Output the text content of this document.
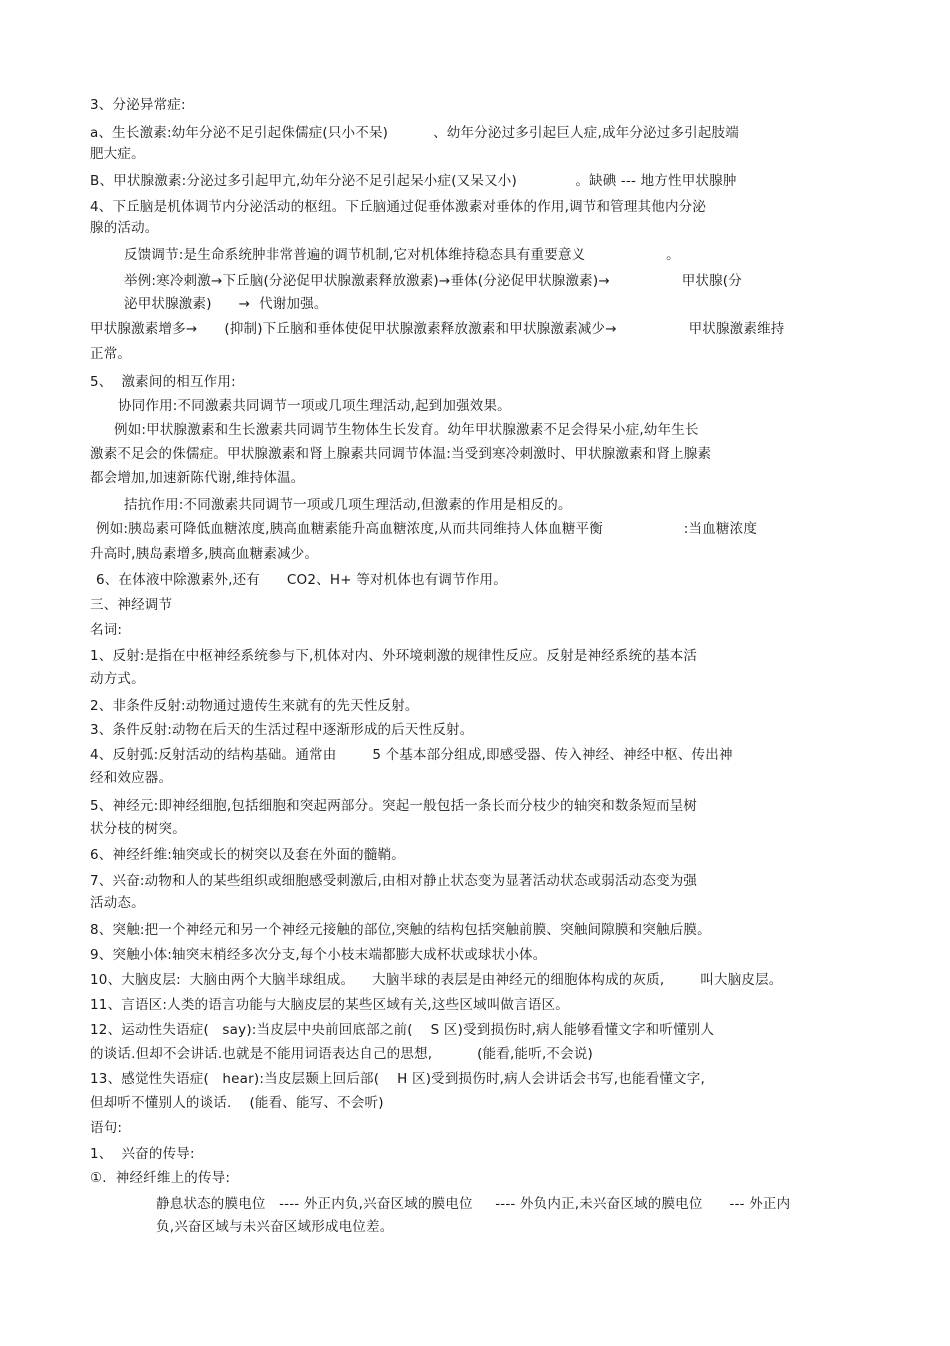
3、分泌异常症:
a、生长激素:幼年分泌不足引起侏儒症(只小不呆)          、幼年分泌过多引起巨人症,成年分泌过多引起肢端
肥大症。
B、甲状腺激素:分泌过多引起甲亢,幼年分泌不足引起呆小症(又呆又小)             。缺碘 --- 地方性甲状腺肿
4、下丘脑是机体调节内分泌活动的枢纽。下丘脑通过促垂体激素对垂体的作用,调节和管理其他内分泌
腺的活动。
反馈调节:是生命系统肿非常普遍的调节机制,它对机体维持稳态具有重要意义                  。
举例:寒冷刺激→下丘脑(分泌促甲状腺激素释放激素)→垂体(分泌促甲状腺激素)→                甲状腺(分
泌甲状腺激素)      →  代谢加强。
甲状腺激素增多→      (抑制)下丘脑和垂体使促甲状腺激素释放激素和甲状腺激素减少→                甲状腺激素维持
正常。
5、  激素间的相互作用:
协同作用:不同激素共同调节一项或几项生理活动,起到加强效果。
例如:甲状腺激素和生长激素共同调节生物体生长发育。幼年甲状腺激素不足会得呆小症,幼年生长
激素不足会的侏儒症。甲状腺激素和肾上腺素共同调节体温:当受到寒冷刺激时、甲状腺激素和肾上腺素
都会增加,加速新陈代谢,维持体温。
拮抗作用:不同激素共同调节一项或几项生理活动,但激素的作用是相反的。
例如:胰岛素可降低血糖浓度,胰高血糖素能升高血糖浓度,从而共同维持人体血糖平衡                  :当血糖浓度
升高时,胰岛素增多,胰高血糖素减少。
6、在体液中除激素外,还有      CO2、H+ 等对机体也有调节作用。
三、神经调节
名词:
1、反射:是指在中枢神经系统参与下,机体对内、外环境刺激的规律性反应。反射是神经系统的基本活
动方式。
2、非条件反射:动物通过遗传生来就有的先天性反射。
3、条件反射:动物在后天的生活过程中逐渐形成的后天性反射。
4、反射弧:反射活动的结构基础。通常由        5 个基本部分组成,即感受器、传入神经、神经中枢、传出神
经和效应器。
5、神经元:即神经细胞,包括细胞和突起两部分。突起一般包括一条长而分枝少的轴突和数条短而呈树
状分枝的树突。
6、神经纤维:轴突或长的树突以及套在外面的髓鞘。
7、兴奋:动物和人的某些组织或细胞感受刺激后,由相对静止状态变为显著活动状态或弱活动态变为强
活动态。
8、突触:把一个神经元和另一个神经元接触的部位,突触的结构包括突触前膜、突触间隙膜和突触后膜。
9、突触小体:轴突末梢经多次分支,每个小枝末端都膨大成杯状或球状小体。
10、大脑皮层:  大脑由两个大脑半球组成。    大脑半球的表层是由神经元的细胞体构成的灰质,        叫大脑皮层。
11、言语区:人类的语言功能与大脑皮层的某些区域有关,这些区域叫做言语区。
12、运动性失语症(   say):当皮层中央前回底部之前(    S 区)受到损伤时,病人能够看懂文字和听懂别人
的谈话.但却不会讲话.也就是不能用词语表达自己的思想,          (能看,能听,不会说)
13、感觉性失语症(   hear):当皮层颞上回后部(    H 区)受到损伤时,病人会讲话会书写,也能看懂文字,
但却听不懂别人的谈话.    (能看、能写、不会听)
语句:
1、  兴奋的传导:
①.  神经纤维上的传导:
静息状态的膜电位   ---- 外正内负,兴奋区域的膜电位     ---- 外负内正,未兴奋区域的膜电位      --- 外正内
负,兴奋区域与未兴奋区域形成电位差。
